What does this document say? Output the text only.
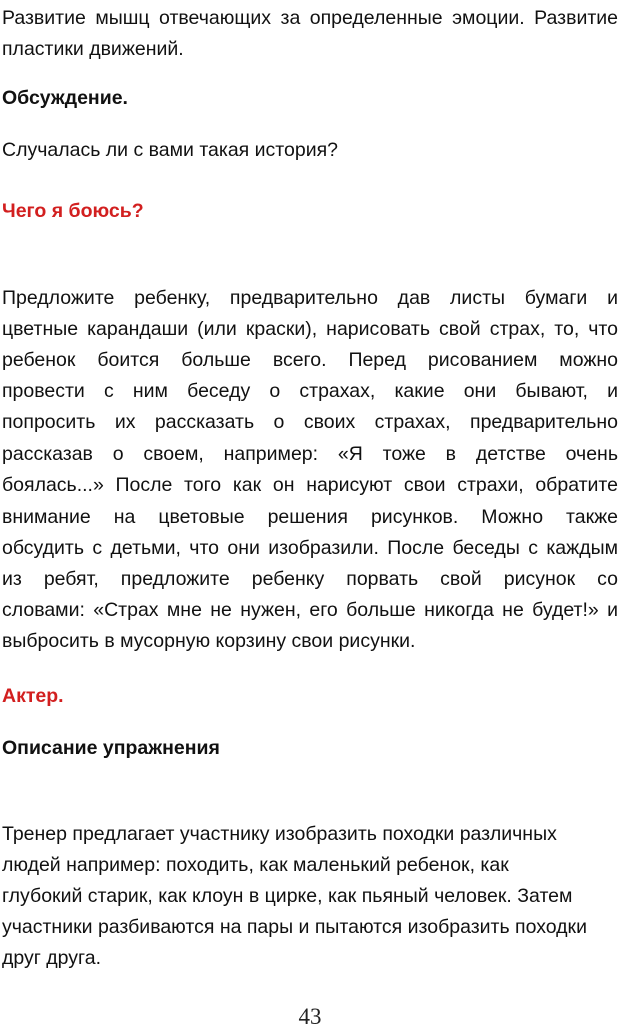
Развитие мышц отвечающих за определенные эмоции. Развитие
пластики движений.
Обсуждение.
Случалась ли с вами такая история?
Чего я боюсь?
Предложите ребенку, предварительно дав листы бумаги и
цветные карандаши (или краски), нарисовать свой страх, то, что
ребенок боится больше всего. Перед рисованием можно
провести с ним беседу о страхах, какие они бывают, и
попросить их рассказать о своих страхах, предварительно
рассказав о своем, например: «Я тоже в детстве очень
боялась...» После того как он нарисуют свои страхи, обратите
внимание на цветовые решения рисунков. Можно также
обсудить с детьми, что они изобразили. После беседы с каждым
из ребят, предложите ребенку порвать свой рисунок со
словами: «Страх мне не нужен, его больше никогда не будет!» и
выбросить в мусорную корзину свои рисунки.
Актер.
Описание упражнения
Тренер предлагает участнику изобразить походки различных
людей например: походить, как маленький ребенок, как
глубокий старик, как клоун в цирке, как пьяный человек. Затем
участники разбиваются на пары и пытаются изобразить походки
друг друга.
43
